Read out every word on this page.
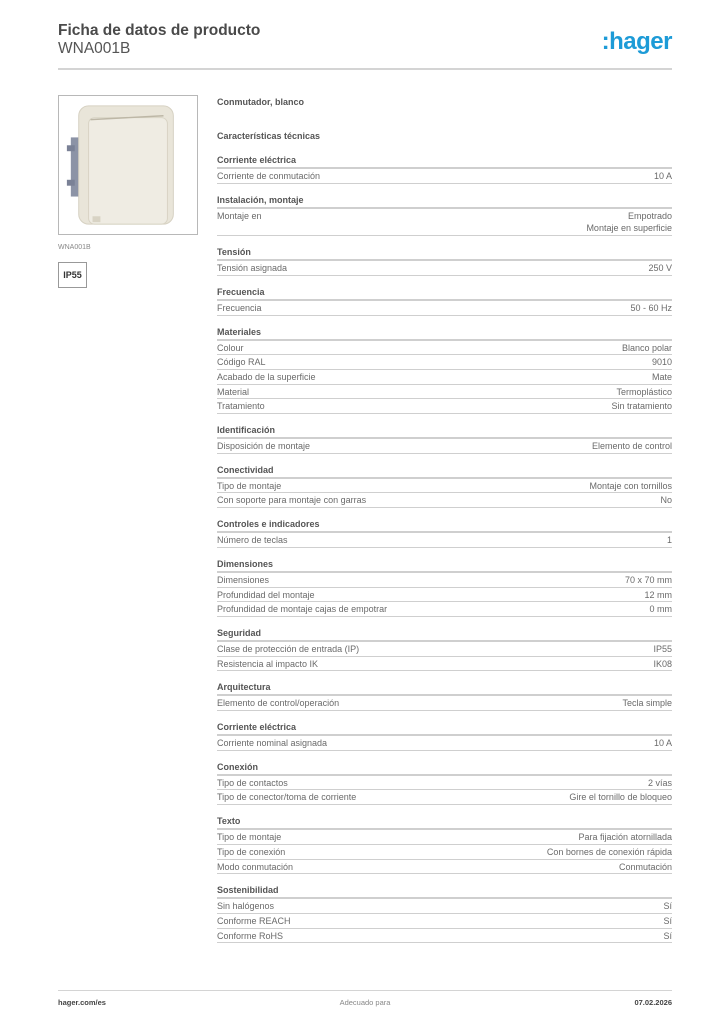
Ficha de datos de producto
WNA001B	:hager
WNA001B
IP55
Conmutador, blanco
Características técnicas
Corriente eléctrica
Corriente de conmutación	10 A
Instalación, montaje
Montaje en	Empotrado
Montaje en superficie
Tensión
Tensión asignada	250 V
Frecuencia
Frecuencia	50 - 60 Hz
Materiales
Colour	Blanco polar
Código RAL	9010
Acabado de la superficie	Mate
Material	Termoplástico
Tratamiento	Sin tratamiento
Identificación
Disposición de montaje	Elemento de control
Conectividad
Tipo de montaje	Montaje con tornillos
Con soporte para montaje con garras	No
Controles e indicadores
Número de teclas	1
Dimensiones
Dimensiones	70 x 70 mm
Profundidad del montaje	12 mm
Profundidad de montaje cajas de empotrar	0 mm
Seguridad
Clase de protección de entrada (IP)	IP55
Resistencia al impacto IK	IK08
Arquitectura
Elemento de control/operación	Tecla simple
Corriente eléctrica
Corriente nominal asignada	10 A
Conexión
Tipo de contactos	2 vías
Tipo de conector/toma de corriente	Gire el tornillo de bloqueo
Texto
Tipo de montaje	Para fijación atornillada
Tipo de conexión	Con bornes de conexión rápida
Modo conmutación	Conmutación
Sostenibilidad
Sin halógenos	Sí
Conforme REACH	Sí
Conforme RoHS	Sí
Adecuado para
hager.com/es	07.02.2026
